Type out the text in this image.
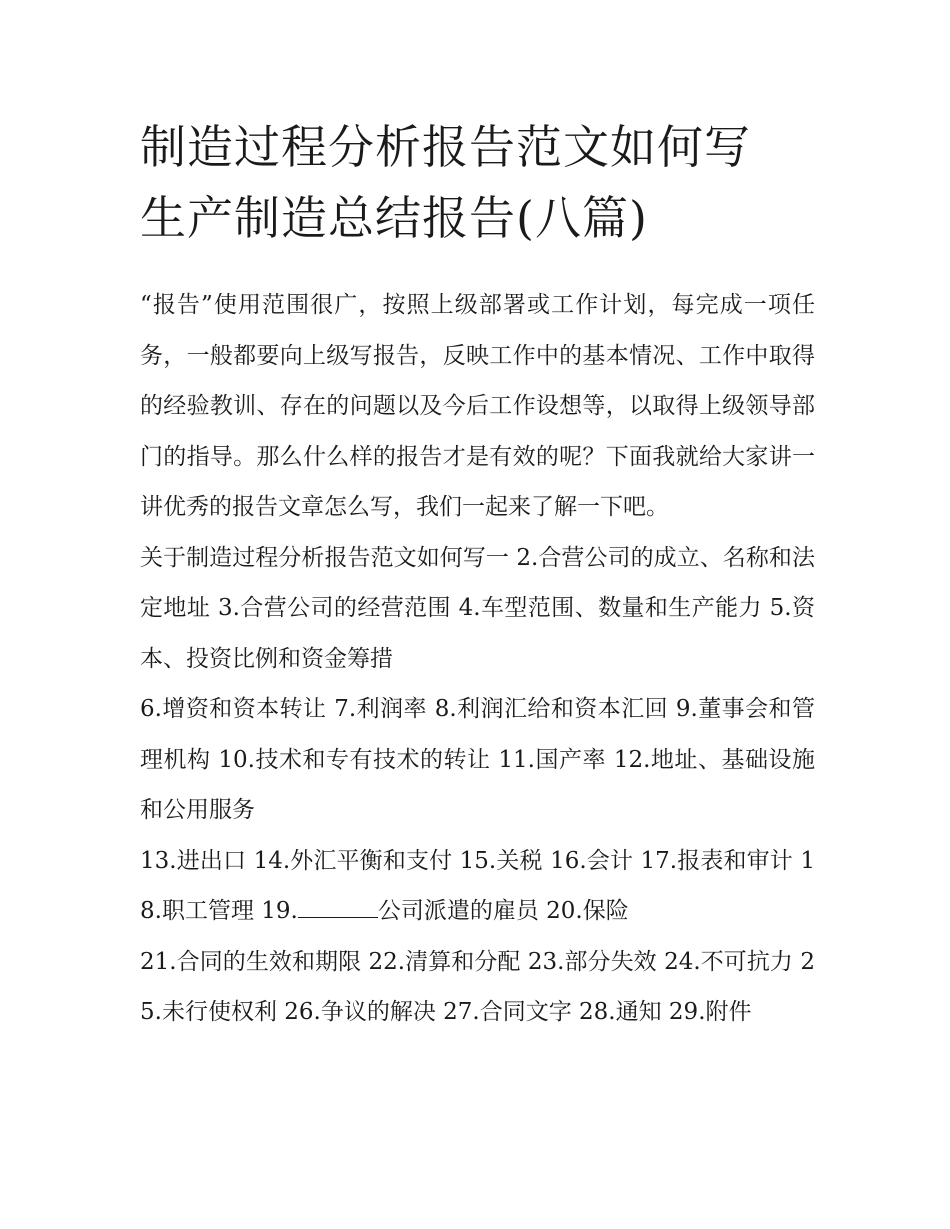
制造过程分析报告范文如何写
生产制造总结报告(八篇)

“报告”使用范围很广，按照上级部署或工作计划，每完成一项任务，一般都要向上级写报告，反映工作中的基本情况、工作中取得的经验教训、存在的问题以及今后工作设想等，以取得上级领导部门的指导。那么什么样的报告才是有效的呢？下面我就给大家讲一讲优秀的报告文章怎么写，我们一起来了解一下吧。

关于制造过程分析报告范文如何写一 2.合营公司的成立、名称和法定地址 3.合营公司的经营范围 4.车型范围、数量和生产能力 5.资本、投资比例和资金筹措

6.增资和资本转让 7.利润率 8.利润汇给和资本汇回 9.董事会和管理机构 10.技术和专有技术的转让 11.国产率 12.地址、基础设施和公用服务

13.进出口 14.外汇平衡和支付 15.关税 16.会计 17.报表和审计 18.职工管理 19.	公司派遣的雇员 20.保险

21.合同的生效和期限 22.清算和分配 23.部分失效 24.不可抗力 25.未行使权利 26.争议的解决 27.合同文字 28.通知 29.附件
